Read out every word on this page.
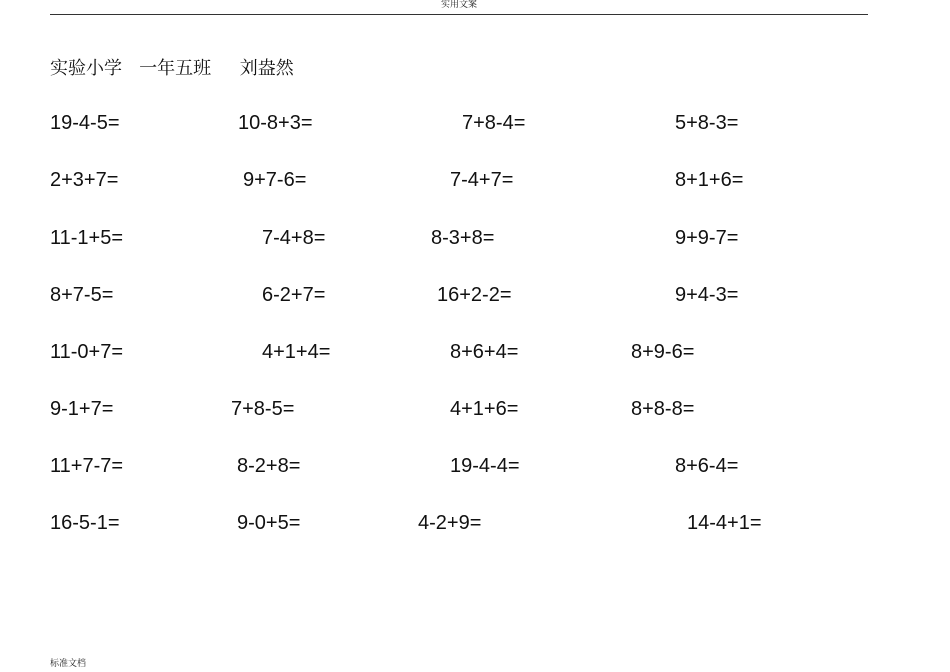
实用文案
实验小学 一年五班 刘盎然
19-4-5=	10-8+3=	7+8-4=	5+8-3=
2+3+7=	9+7-6=	7-4+7=	8+1+6=
11-1+5=	7-4+8=	8-3+8=	9+9-7=
8+7-5=	6-2+7=	16+2-2=	9+4-3=
11-0+7=	4+1+4=	8+6+4=	8+9-6=
9-1+7=	7+8-5=	4+1+6=	8+8-8=
11+7-7=	8-2+8=	19-4-4=	8+6-4=
16-5-1=	9-0+5=	4-2+9=	14-4+1=
标准文档
